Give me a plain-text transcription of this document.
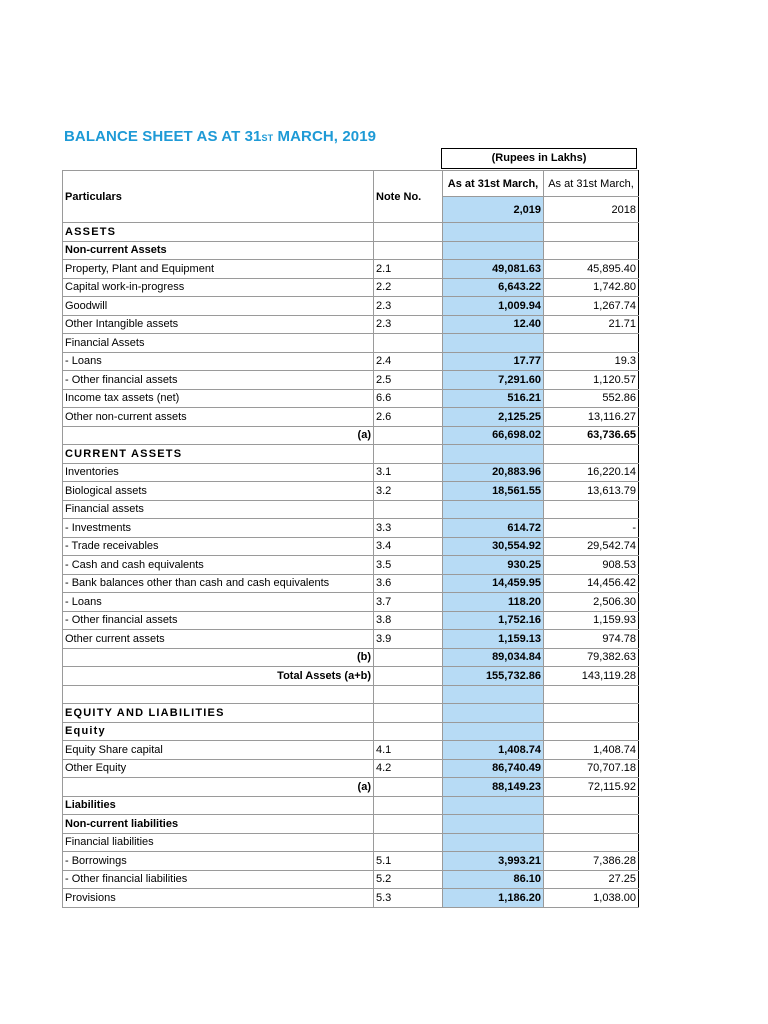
BALANCE SHEET AS AT 31ST MARCH, 2019
(Rupees in Lakhs)
Particulars	Note No.	As at 31st March,	As at 31st March,
		2,019	2018
ASSETS			
Non-current Assets			
Property, Plant and Equipment	2.1	49,081.63	45,895.40
Capital work-in-progress	2.2	6,643.22	1,742.80
Goodwill	2.3	1,009.94	1,267.74
Other Intangible assets	2.3	12.40	21.71
Financial Assets			
- Loans	2.4	17.77	19.3
- Other financial assets	2.5	7,291.60	1,120.57
Income tax assets (net)	6.6	516.21	552.86
Other non-current assets	2.6	2,125.25	13,116.27
(a)		66,698.02	63,736.65
CURRENT ASSETS			
Inventories	3.1	20,883.96	16,220.14
Biological assets	3.2	18,561.55	13,613.79
Financial assets			
- Investments	3.3	614.72	-
- Trade receivables	3.4	30,554.92	29,542.74
- Cash and cash equivalents	3.5	930.25	908.53
- Bank balances other than cash and cash equivalents	3.6	14,459.95	14,456.42
- Loans	3.7	118.20	2,506.30
- Other financial assets	3.8	1,752.16	1,159.93
Other current assets	3.9	1,159.13	974.78
(b)		89,034.84	79,382.63
Total Assets (a+b)		155,732.86	143,119.28

EQUITY AND LIABILITIES			
Equity			
Equity Share capital	4.1	1,408.74	1,408.74
Other Equity	4.2	86,740.49	70,707.18
(a)		88,149.23	72,115.92
Liabilities			
Non-current liabilities			
Financial liabilities			
- Borrowings	5.1	3,993.21	7,386.28
- Other financial liabilities	5.2	86.10	27.25
Provisions	5.3	1,186.20	1,038.00
